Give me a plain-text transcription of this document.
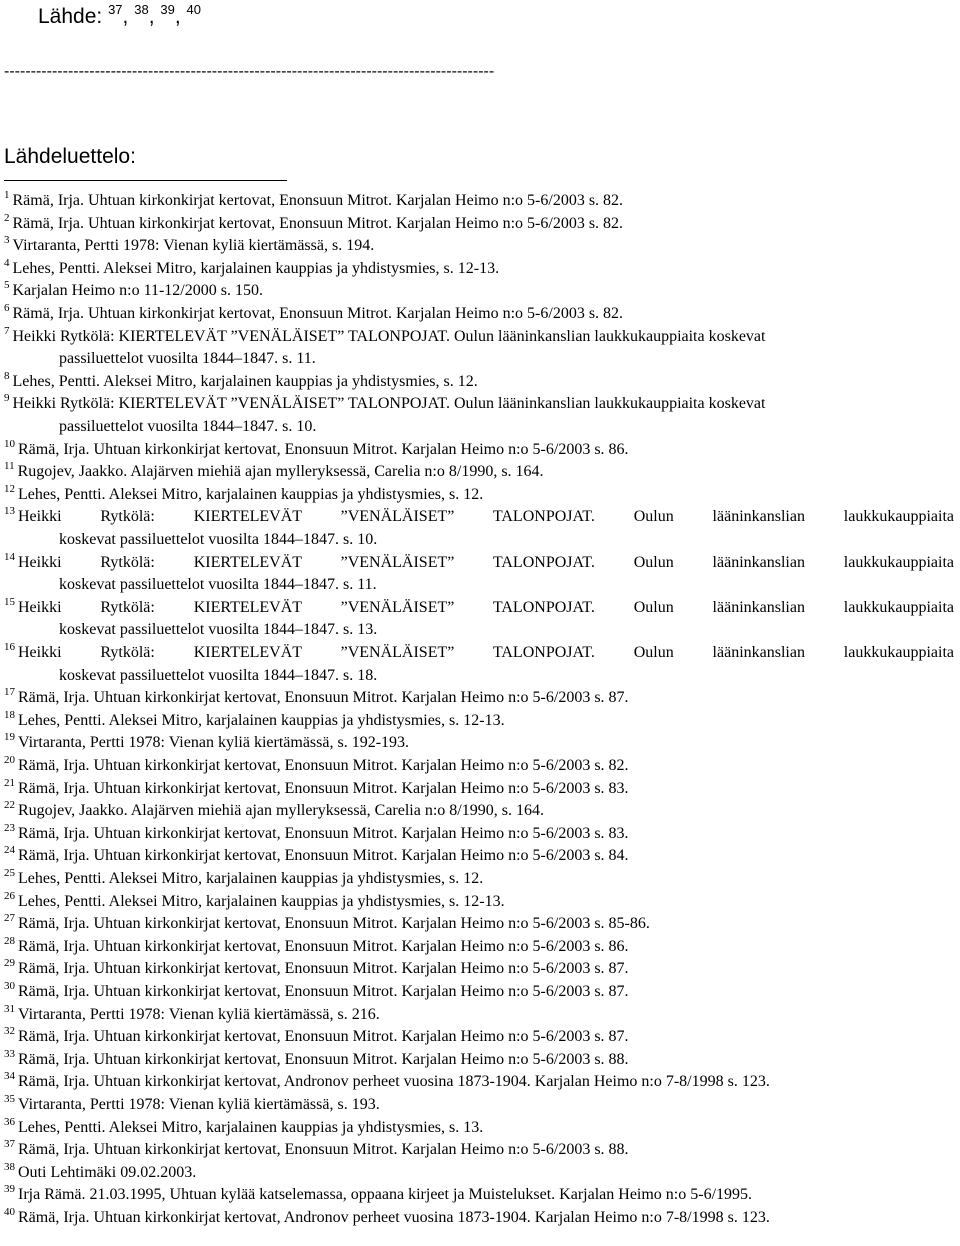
Lähde: $^{37}$, $^{38}$, $^{39}$, $^{40}$
--------------------------------------------------------------------------------------------
Lähdeluettelo:
$^1$ Rämä, Irja. Uhtuan kirkonkirjat kertovat, Enonsuun Mitrot. Karjalan Heimo n:o 5-6/2003 s. 82.
$^2$ Rämä, Irja. Uhtuan kirkonkirjat kertovat, Enonsuun Mitrot. Karjalan Heimo n:o 5-6/2003 s. 82.
$^3$ Virtaranta, Pertti 1978: Vienan kyliä kiertämässä, s. 194.
$^4$ Lehes, Pentti. Aleksei Mitro, karjalainen kauppias ja yhdistysmies, s. 12-13.
$^5$ Karjalan Heimo n:o 11-12/2000 s. 150.
$^6$ Rämä, Irja. Uhtuan kirkonkirjat kertovat, Enonsuun Mitrot. Karjalan Heimo n:o 5-6/2003 s. 82.
$^7$ Heikki Rytkölä: KIERTELEVÄT ”VENÄLÄISET” TALONPOJAT. Oulun lääninkanslian laukkukauppiaita koskevat
passiluettelot vuosilta 1844–1847. s. 11.
$^8$ Lehes, Pentti. Aleksei Mitro, karjalainen kauppias ja yhdistysmies, s. 12.
$^9$ Heikki Rytkölä: KIERTELEVÄT ”VENÄLÄISET” TALONPOJAT. Oulun lääninkanslian laukkukauppiaita koskevat
passiluettelot vuosilta 1844–1847. s. 10.
$^{10}$ Rämä, Irja. Uhtuan kirkonkirjat kertovat, Enonsuun Mitrot. Karjalan Heimo n:o 5-6/2003 s. 86.
$^{11}$ Rugojev, Jaakko. Alajärven miehiä ajan mylleryksessä, Carelia n:o 8/1990, s. 164.
$^{12}$ Lehes, Pentti. Aleksei Mitro, karjalainen kauppias ja yhdistysmies, s. 12.
$^{13}$ Heikki Rytkölä: KIERTELEVÄT ”VENÄLÄISET” TALONPOJAT. Oulun lääninkanslian laukkukauppiaita
koskevat passiluettelot vuosilta 1844–1847. s. 10.
$^{14}$ Heikki Rytkölä: KIERTELEVÄT ”VENÄLÄISET” TALONPOJAT. Oulun lääninkanslian laukkukauppiaita
koskevat passiluettelot vuosilta 1844–1847. s. 11.
$^{15}$ Heikki Rytkölä: KIERTELEVÄT ”VENÄLÄISET” TALONPOJAT. Oulun lääninkanslian laukkukauppiaita
koskevat passiluettelot vuosilta 1844–1847. s. 13.
$^{16}$ Heikki Rytkölä: KIERTELEVÄT ”VENÄLÄISET” TALONPOJAT. Oulun lääninkanslian laukkukauppiaita
koskevat passiluettelot vuosilta 1844–1847. s. 18.
$^{17}$ Rämä, Irja. Uhtuan kirkonkirjat kertovat, Enonsuun Mitrot. Karjalan Heimo n:o 5-6/2003 s. 87.
$^{18}$ Lehes, Pentti. Aleksei Mitro, karjalainen kauppias ja yhdistysmies, s. 12-13.
$^{19}$ Virtaranta, Pertti 1978: Vienan kyliä kiertämässä, s. 192-193.
$^{20}$ Rämä, Irja. Uhtuan kirkonkirjat kertovat, Enonsuun Mitrot. Karjalan Heimo n:o 5-6/2003 s. 82.
$^{21}$ Rämä, Irja. Uhtuan kirkonkirjat kertovat, Enonsuun Mitrot. Karjalan Heimo n:o 5-6/2003 s. 83.
$^{22}$ Rugojev, Jaakko. Alajärven miehiä ajan mylleryksessä, Carelia n:o 8/1990, s. 164.
$^{23}$ Rämä, Irja. Uhtuan kirkonkirjat kertovat, Enonsuun Mitrot. Karjalan Heimo n:o 5-6/2003 s. 83.
$^{24}$ Rämä, Irja. Uhtuan kirkonkirjat kertovat, Enonsuun Mitrot. Karjalan Heimo n:o 5-6/2003 s. 84.
$^{25}$ Lehes, Pentti. Aleksei Mitro, karjalainen kauppias ja yhdistysmies, s. 12.
$^{26}$ Lehes, Pentti. Aleksei Mitro, karjalainen kauppias ja yhdistysmies, s. 12-13.
$^{27}$ Rämä, Irja. Uhtuan kirkonkirjat kertovat, Enonsuun Mitrot. Karjalan Heimo n:o 5-6/2003 s. 85-86.
$^{28}$ Rämä, Irja. Uhtuan kirkonkirjat kertovat, Enonsuun Mitrot. Karjalan Heimo n:o 5-6/2003 s. 86.
$^{29}$ Rämä, Irja. Uhtuan kirkonkirjat kertovat, Enonsuun Mitrot. Karjalan Heimo n:o 5-6/2003 s. 87.
$^{30}$ Rämä, Irja. Uhtuan kirkonkirjat kertovat, Enonsuun Mitrot. Karjalan Heimo n:o 5-6/2003 s. 87.
$^{31}$ Virtaranta, Pertti 1978: Vienan kyliä kiertämässä, s. 216.
$^{32}$ Rämä, Irja. Uhtuan kirkonkirjat kertovat, Enonsuun Mitrot. Karjalan Heimo n:o 5-6/2003 s. 87.
$^{33}$ Rämä, Irja. Uhtuan kirkonkirjat kertovat, Enonsuun Mitrot. Karjalan Heimo n:o 5-6/2003 s. 88.
$^{34}$ Rämä, Irja. Uhtuan kirkonkirjat kertovat, Andronov perheet vuosina 1873-1904. Karjalan Heimo n:o 7-8/1998 s. 123.
$^{35}$ Virtaranta, Pertti 1978: Vienan kyliä kiertämässä, s. 193.
$^{36}$ Lehes, Pentti. Aleksei Mitro, karjalainen kauppias ja yhdistysmies, s. 13.
$^{37}$ Rämä, Irja. Uhtuan kirkonkirjat kertovat, Enonsuun Mitrot. Karjalan Heimo n:o 5-6/2003 s. 88.
$^{38}$ Outi Lehtimäki 09.02.2003.
$^{39}$ Irja Rämä. 21.03.1995, Uhtuan kylää katselemassa, oppaana kirjeet ja Muistelukset. Karjalan Heimo n:o 5-6/1995.
$^{40}$ Rämä, Irja. Uhtuan kirkonkirjat kertovat, Andronov perheet vuosina 1873-1904. Karjalan Heimo n:o 7-8/1998 s. 123.
